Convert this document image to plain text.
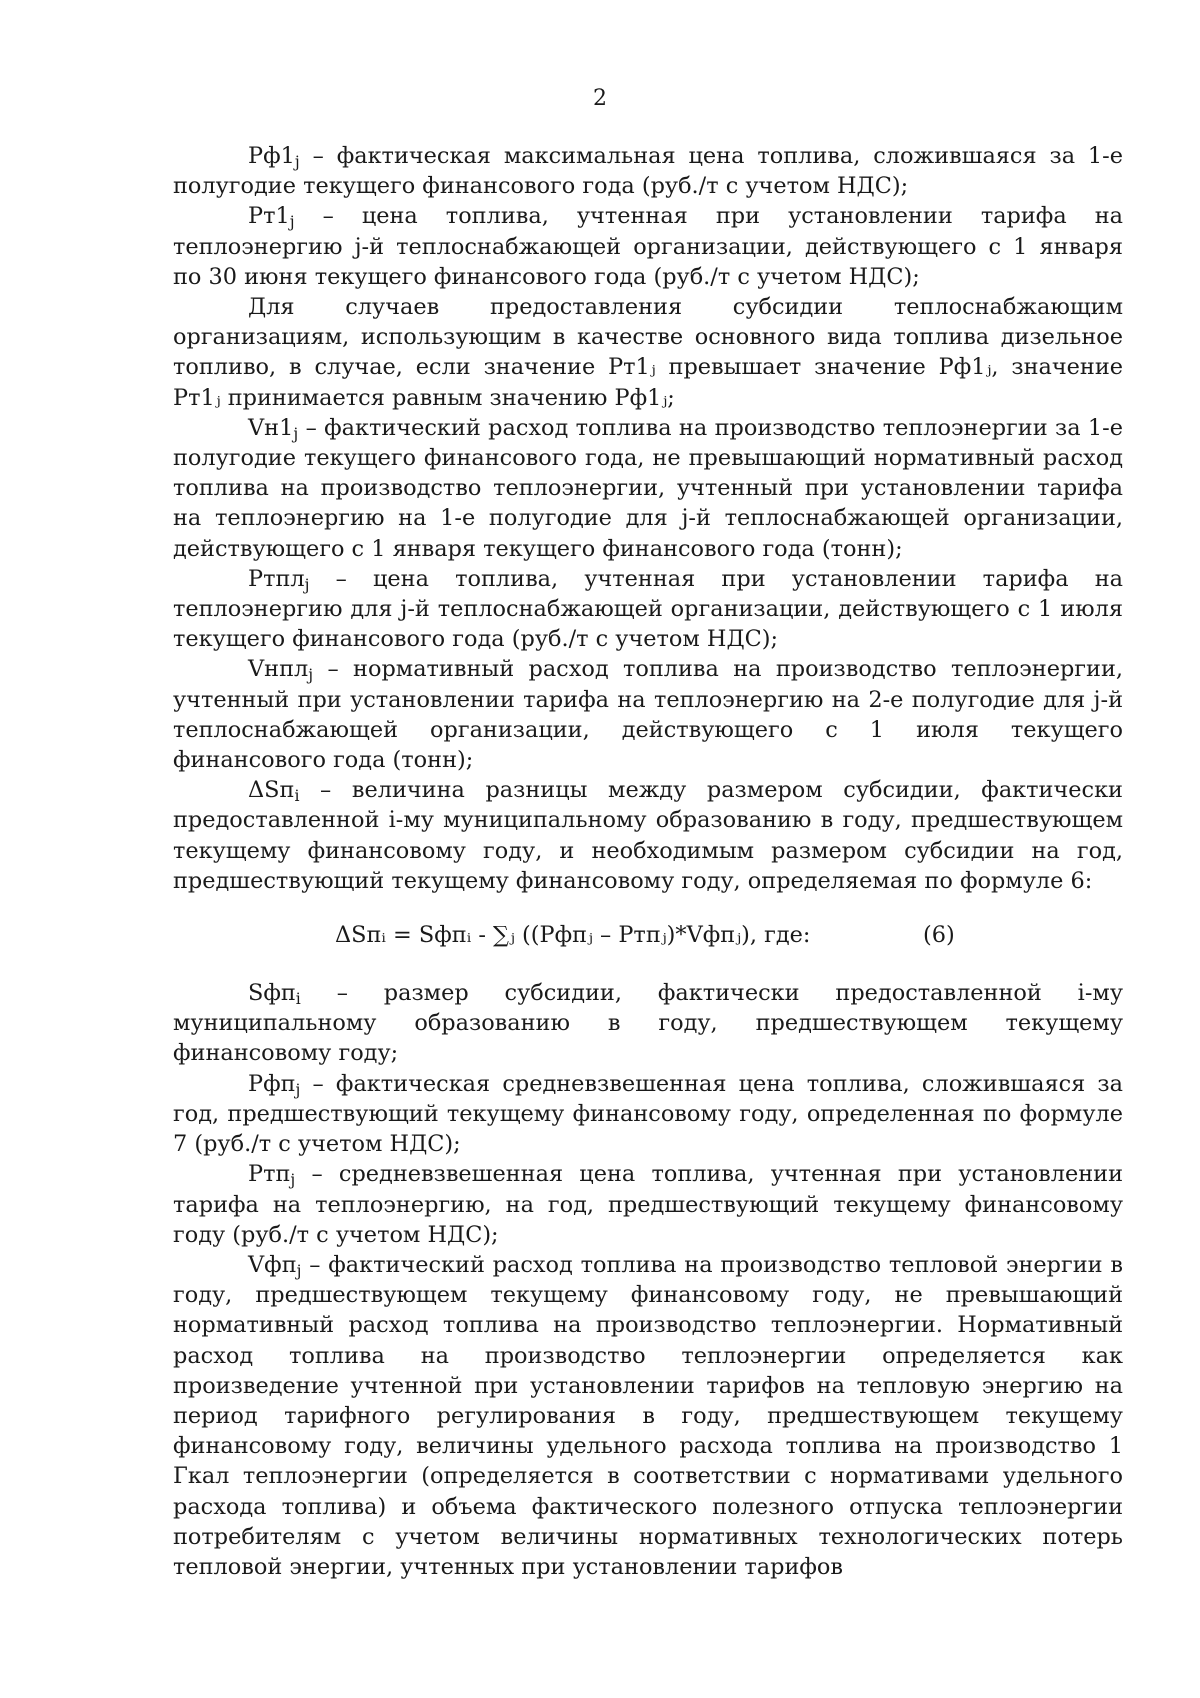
2

$Рф1_j$ – фактическая максимальная цена топлива, сложившаяся за 1-е полугодие текущего финансового года (руб./т с учетом НДС);

$Рт1_j$ – цена топлива, учтенная при установлении тарифа на теплоэнергию j-й теплоснабжающей организации, действующего с 1 января по 30 июня текущего финансового года (руб./т с учетом НДС);

Для случаев предоставления субсидии теплоснабжающим организациям, использующим в качестве основного вида топлива дизельное топливо, в случае, если значение Рт1ⱼ превышает значение Рф1ⱼ, значение Рт1ⱼ принимается равным значению Рф1ⱼ;

$Vн1_j$ – фактический расход топлива на производство теплоэнергии за 1-е полугодие текущего финансового года, не превышающий нормативный расход топлива на производство теплоэнергии, учтенный при установлении тарифа на теплоэнергию на 1-е полугодие для j-й теплоснабжающей организации, действующего с 1 января текущего финансового года (тонн);

Ртпл$_j$ – цена топлива, учтенная при установлении тарифа на теплоэнергию для j-й теплоснабжающей организации, действующего с 1 июля текущего финансового года (руб./т с учетом НДС);

Vнпл$_j$ – нормативный расход топлива на производство теплоэнергии, учтенный при установлении тарифа на теплоэнергию на 2-е полугодие для j-й теплоснабжающей организации, действующего с 1 июля текущего финансового года (тонн);

ΔSп$_i$ – величина разницы между размером субсидии, фактически предоставленной i-му муниципальному образованию в году, предшествующем текущему финансовому году, и необходимым размером субсидии на год, предшествующий текущему финансовому году, определяемая по формуле 6:

ΔSпᵢ = Sфпᵢ - ∑ⱼ ((Рфпⱼ – Ртпⱼ)*Vфпⱼ), где:	(6)

Sфп$_i$ – размер субсидии, фактически предоставленной i-му муниципальному образованию в году, предшествующем текущему финансовому году;

Рфп$_j$ – фактическая средневзвешенная цена топлива, сложившаяся за год, предшествующий текущему финансовому году, определенная по формуле 7 (руб./т с учетом НДС);

Ртп$_j$ – средневзвешенная цена топлива, учтенная при установлении тарифа на теплоэнергию, на год, предшествующий текущему финансовому году (руб./т с учетом НДС);

Vфп$_j$ – фактический расход топлива на производство тепловой энергии в году, предшествующем текущему финансовому году, не превышающий нормативный расход топлива на производство теплоэнергии. Нормативный расход топлива на производство теплоэнергии определяется как произведение учтенной при установлении тарифов на тепловую энергию на период тарифного регулирования в году, предшествующем текущему финансовому году, величины удельного расхода топлива на производство 1 Гкал теплоэнергии (определяется в соответствии с нормативами удельного расхода топлива) и объема фактического полезного отпуска теплоэнергии потребителям с учетом величины нормативных технологических потерь тепловой энергии, учтенных при установлении тарифов
